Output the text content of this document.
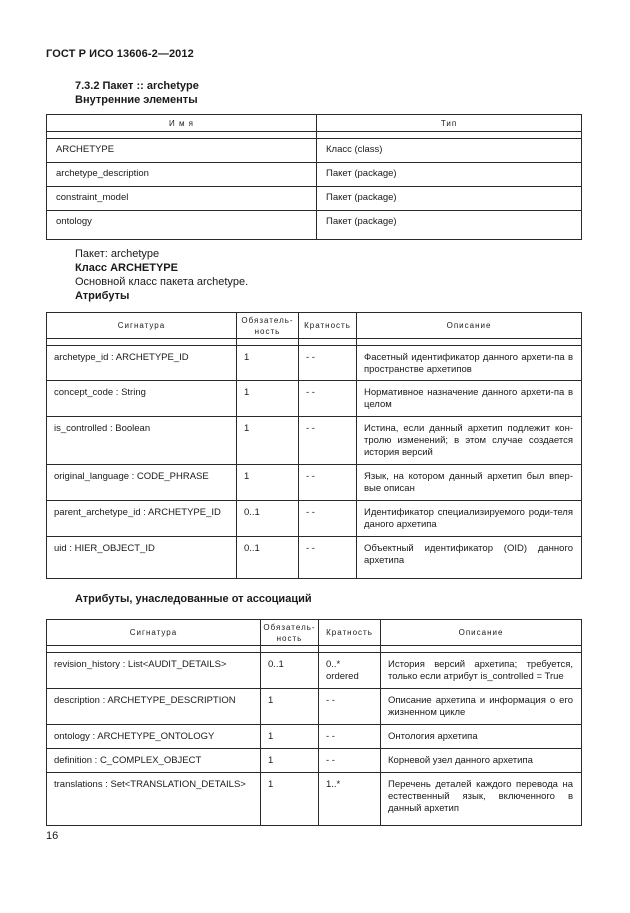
ГОСТ Р ИСО 13606-2—2012
7.3.2 Пакет :: archetype
Внутренние элементы
И м я	Тип

ARCHETYPE	Класс (class)

archetype_description	Пакет (package)

constraint_model	Пакет (package)

ontology	Пакет (package)
Пакет: archetype
Класс ARCHETYPE
Основной класс пакета archetype.
Атрибуты
Сигнатура	Обязатель-ность	Кратность	Описание

archetype_id : ARCHETYPE_ID	1	- -	Фасетный идентификатор данного архети-па в пространстве архетипов

concept_code : String	1	- -	Нормативное назначение данного архети-па в целом

is_controlled : Boolean	1	- -	Истина, если данный архетип подлежит кон-тролю изменений; в этом случае создается история версий

original_language : CODE_PHRASE	1	- -	Язык, на котором данный архетип был впер-вые описан

parent_archetype_id : ARCHETYPE_ID	0..1	- -	Идентификатор специализируемого роди-теля даного архетипа

uid : HIER_OBJECT_ID	0..1	- -	Объектный идентификатор (OID) данного архетипа
Атрибуты, унаследованные от ассоциаций
Сигнатура	Обязатель-ность	Кратность	Описание

revision_history : List<AUDIT_DETAILS>	0..1	0..* ordered	История версий архетипа; требуется, только если атрибут is_controlled = True

description : ARCHETYPE_DESCRIPTION	1	- -	Описание архетипа и информация о его жизненном цикле

ontology : ARCHETYPE_ONTOLOGY	1	- -	Онтология архетипа

definition : C_COMPLEX_OBJECT	1	- -	Корневой узел данного архетипа

translations : Set<TRANSLATION_DETAILS>	1	1..*	Перечень деталей каждого перевода на естественный язык, включенного в данный архетип
16
